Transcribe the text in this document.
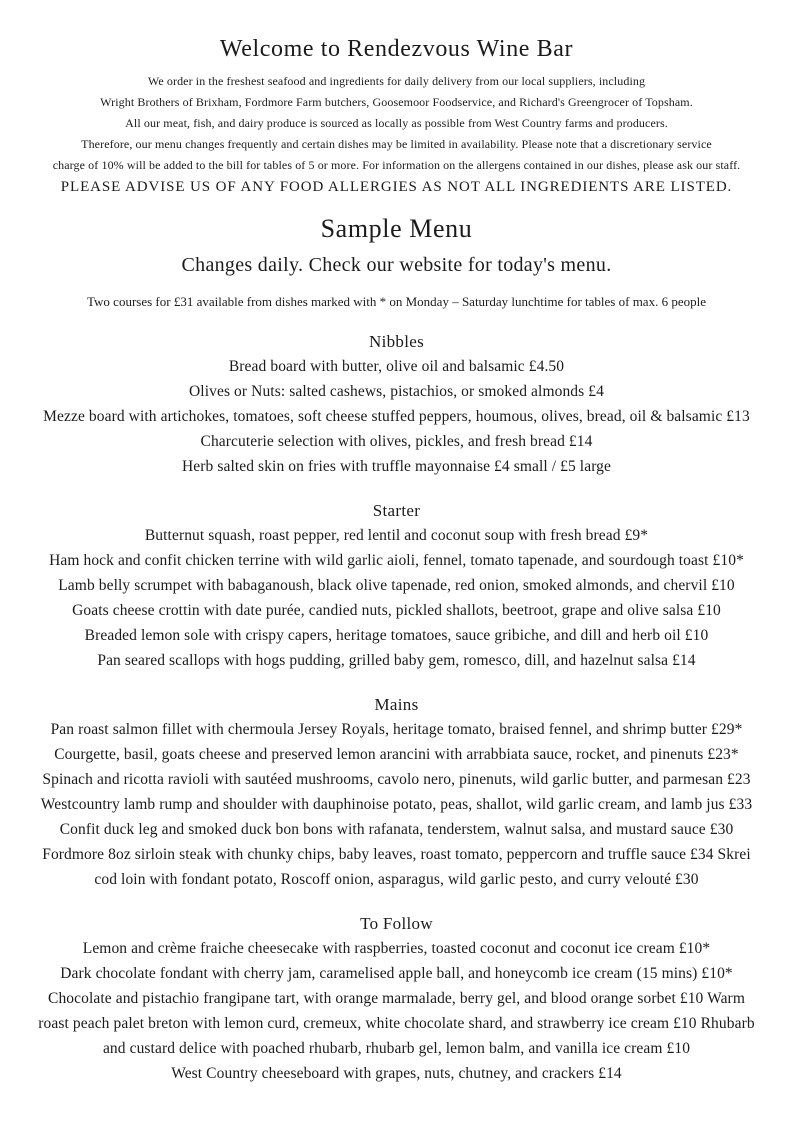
Welcome to Rendezvous Wine Bar
We order in the freshest seafood and ingredients for daily delivery from our local suppliers, including
Wright Brothers of Brixham, Fordmore Farm butchers, Goosemoor Foodservice, and Richard's Greengrocer of Topsham.
All our meat, fish, and dairy produce is sourced as locally as possible from West Country farms and producers.
Therefore, our menu changes frequently and certain dishes may be limited in availability. Please note that a discretionary service
charge of 10% will be added to the bill for tables of 5 or more. For information on the allergens contained in our dishes, please ask our staff.
PLEASE ADVISE US OF ANY FOOD ALLERGIES AS NOT ALL INGREDIENTS ARE LISTED.
Sample Menu
Changes daily. Check our website for today's menu.
Two courses for £31 available from dishes marked with * on Monday – Saturday lunchtime for tables of max. 6 people
Nibbles
Bread board with butter, olive oil and balsamic £4.50
Olives or Nuts: salted cashews, pistachios, or smoked almonds £4
Mezze board with artichokes, tomatoes, soft cheese stuffed peppers, houmous, olives, bread, oil & balsamic £13
Charcuterie selection with olives, pickles, and fresh bread £14
Herb salted skin on fries with truffle mayonnaise £4 small / £5 large
Starter
Butternut squash, roast pepper, red lentil and coconut soup with fresh bread £9*
Ham hock and confit chicken terrine with wild garlic aioli, fennel, tomato tapenade, and sourdough toast £10*
Lamb belly scrumpet with babaganoush, black olive tapenade, red onion, smoked almonds, and chervil £10
Goats cheese crottin with date purée, candied nuts, pickled shallots, beetroot, grape and olive salsa £10
Breaded lemon sole with crispy capers, heritage tomatoes, sauce gribiche, and dill and herb oil £10
Pan seared scallops with hogs pudding, grilled baby gem, romesco, dill, and hazelnut salsa £14
Mains
Pan roast salmon fillet with chermoula Jersey Royals, heritage tomato, braised fennel, and shrimp butter £29*
Courgette, basil, goats cheese and preserved lemon arancini with arrabbiata sauce, rocket, and pinenuts £23*
Spinach and ricotta ravioli with sautéed mushrooms, cavolo nero, pinenuts, wild garlic butter, and parmesan £23
Westcountry lamb rump and shoulder with dauphinoise potato, peas, shallot, wild garlic cream, and lamb jus £33
Confit duck leg and smoked duck bon bons with rafanata, tenderstem, walnut salsa, and mustard sauce £30
Fordmore 8oz sirloin steak with chunky chips, baby leaves, roast tomato, peppercorn and truffle sauce £34 Skrei
cod loin with fondant potato, Roscoff onion, asparagus, wild garlic pesto, and curry velouté £30
To Follow
Lemon and crème fraiche cheesecake with raspberries, toasted coconut and coconut ice cream £10*
Dark chocolate fondant with cherry jam, caramelised apple ball, and honeycomb ice cream (15 mins) £10*
Chocolate and pistachio frangipane tart, with orange marmalade, berry gel, and blood orange sorbet £10 Warm
roast peach palet breton with lemon curd, cremeux, white chocolate shard, and strawberry ice cream £10 Rhubarb
and custard delice with poached rhubarb, rhubarb gel, lemon balm, and vanilla ice cream £10
West Country cheeseboard with grapes, nuts, chutney, and crackers £14
